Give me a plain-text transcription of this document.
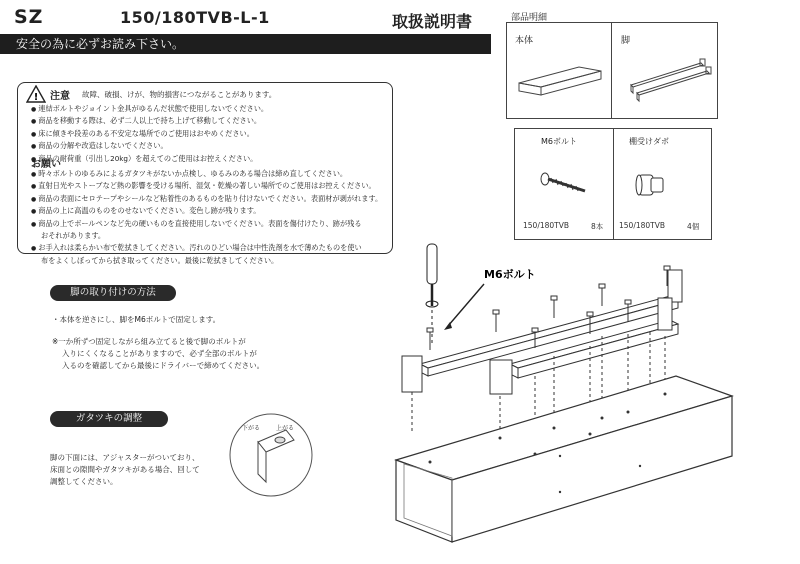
SZ	150/180TVB-L-1	取扱説明書
安全の為に必ずお読み下さい。
部品明細
本体	脚
M6ボルト	棚受けダボ
150/180TVB	8本 150/180TVB	4個
! 注意 故障、破損、けが、物的損害につながることがあります。
● 連結ボルトやジョイント金具がゆるんだ状態で使用しないでください。
● 商品を移動する際は、必ず二人以上で持ち上げて移動してください。
● 床に傾きや段差のある不安定な場所でのご使用はおやめください。
● 商品の分解や改造はしないでください。
● 商品の耐荷重（引出し20kg）を超えてのご使用はお控えください。
お願い
● 時々ボルトのゆるみによるガタツキがないか点検し、ゆるみのある場合は締め直してください。
● 直射日光やストーブなど熱の影響を受ける場所、湿気・乾燥の著しい場所でのご使用はお控えください。
● 商品の表面にセロテープやシールなど粘着性のあるものを貼り付けないでください。表面材が剥がれます。
● 商品の上に高温のものをのせないでください。変色し跡が残ります。
● 商品の上でボールペンなど先の硬いものを直接使用しないでください。表面を傷付けたり、跡が残る
おそれがあります。
● お手入れは柔らかい布で乾拭きしてください。汚れのひどい場合は中性洗剤を水で薄めたものを使い
布をよくしぼってから拭き取ってください。最後に乾拭きしてください。
脚の取り付けの方法
・本体を逆さにし、脚をM6ボルトで固定します。
※一か所ずつ固定しながら組み立てると後で脚のボルトが
入りにくくなることがありますので、必ず全部のボルトが
入るのを確認してから最後にドライバーで締めてください。
ガタツキの調整
脚の下面には、アジャスターがついており、
床面との隙間やガタツキがある場合、回して
調整してください。
下がる	上がる
M6ボルト
